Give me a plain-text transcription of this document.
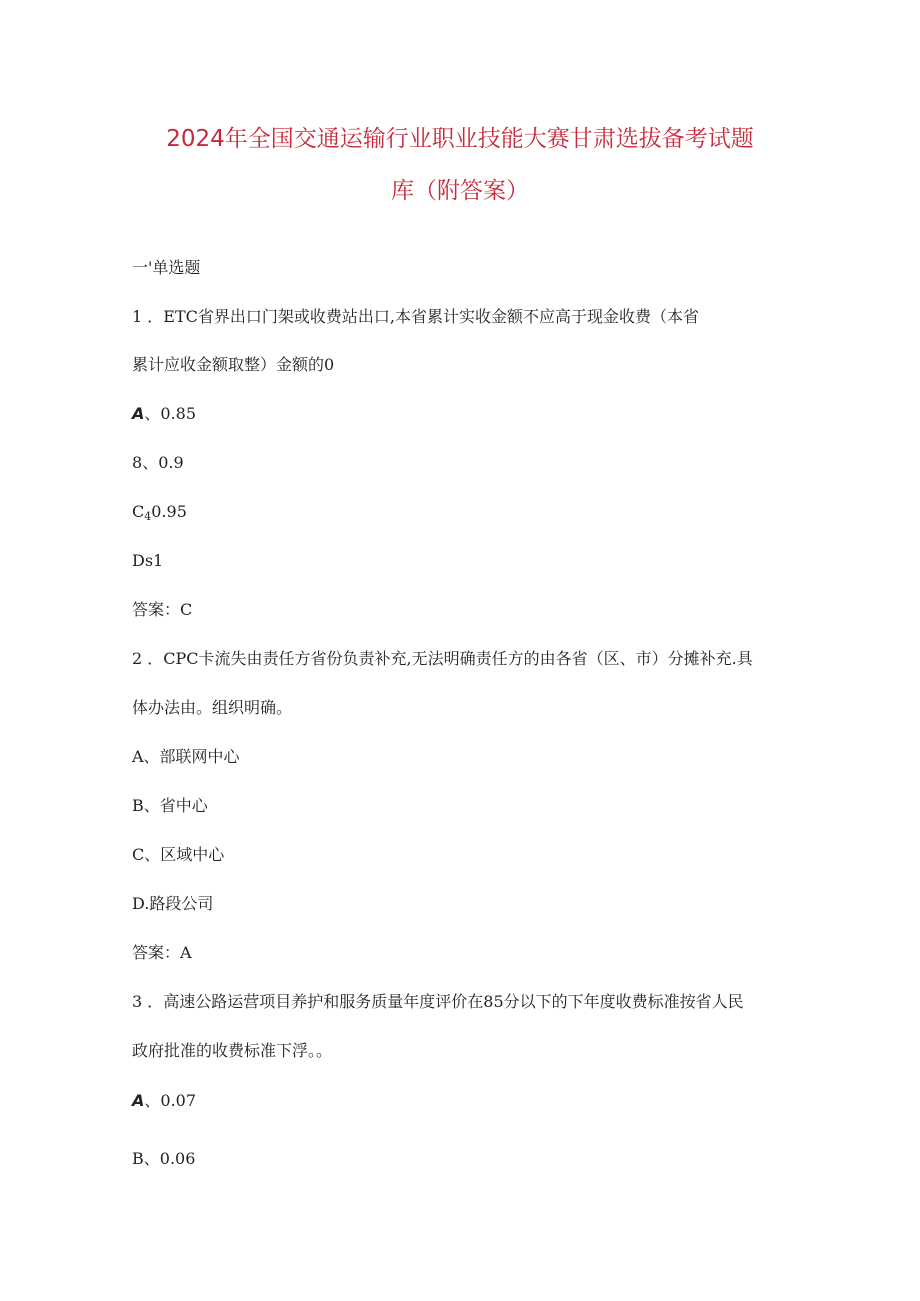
2024年全国交通运输行业职业技能大赛甘肃选拔备考试题
库（附答案）
一'单选题
1 ．ETC省界出口门架或收费站出口,本省累计实收金额不应高于现金收费（本省
累计应收金额取整）金额的0
A、0.85
8、0.9
$C_40.95$
Ds1
答案：C
2 ．CPC卡流失由责任方省份负责补充,无法明确责任方的由各省（区、市）分摊补充.具
体办法由。组织明确。
A、部联网中心
B、省中心
C、区域中心
D.路段公司
答案：A
3 ．高速公路运营项目养护和服务质量年度评价在85分以下的下年度收费标准按省人民
政府批准的收费标准下浮。。
A、0.07
B、0.06
